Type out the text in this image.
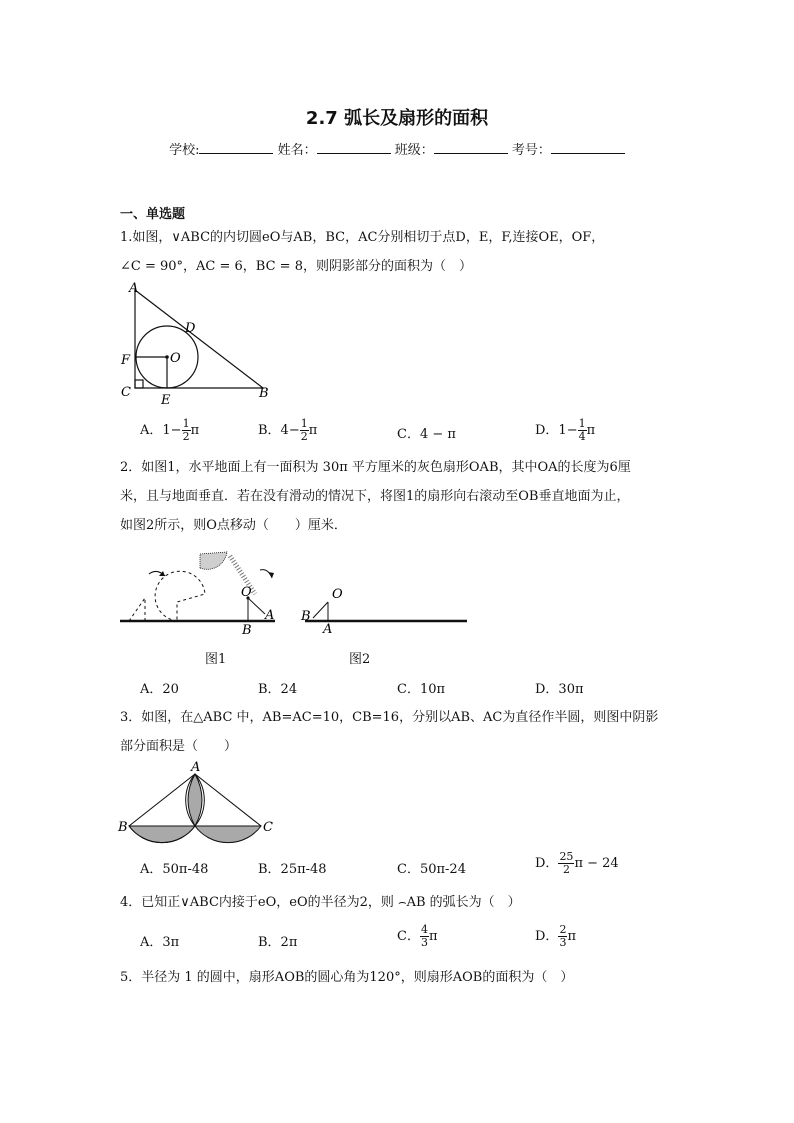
2.7 弧长及扇形的面积
学校:	姓名：	班级：	考号：
一、单选题
1.如图，∨ABC的内切圆eO与AB，BC，AC分别相切于点D，E，F,连接OE，OF，
∠C = 90°，AC = 6，BC = 8，则阴影部分的面积为（　）
A
D
F	O
C
E	B
A．$1- \frac{1}{2}$ π	B．$4- \frac{1}{2}$ π	C．4 − π	D．$1- \frac{1}{4}$ π
2．如图1，水平地面上有一面积为 30π 平方厘米的灰色扇形OAB，其中OA的长度为6厘
米，且与地面垂直．若在没有滑动的情况下，将图1的扇形向右滚动至OB垂直地面为止，
如图2所示，则O点移动（　　）厘米．
O
A
B
O
B
A
图1	图2
A．20	B．24	C．10π	D．30π
3．如图，在△ABC 中，AB=AC=10，CB=16，分别以AB、AC为直径作半圆，则图中阴影
部分面积是（　　）
A
B	C
A．50π-48	B．25π-48	C．50π-24	D． $\frac{25}{2}$ π − 24
4．已知正∨ABC内接于eO，eO的半径为2，则 ⌢AB 的弧长为（　）
A．3π	B．2π	C． $\frac{4}{3}$ π	D． $\frac{2}{3}$ π
5．半径为 1 的圆中，扇形AOB的圆心角为120°，则扇形AOB的面积为（　）
